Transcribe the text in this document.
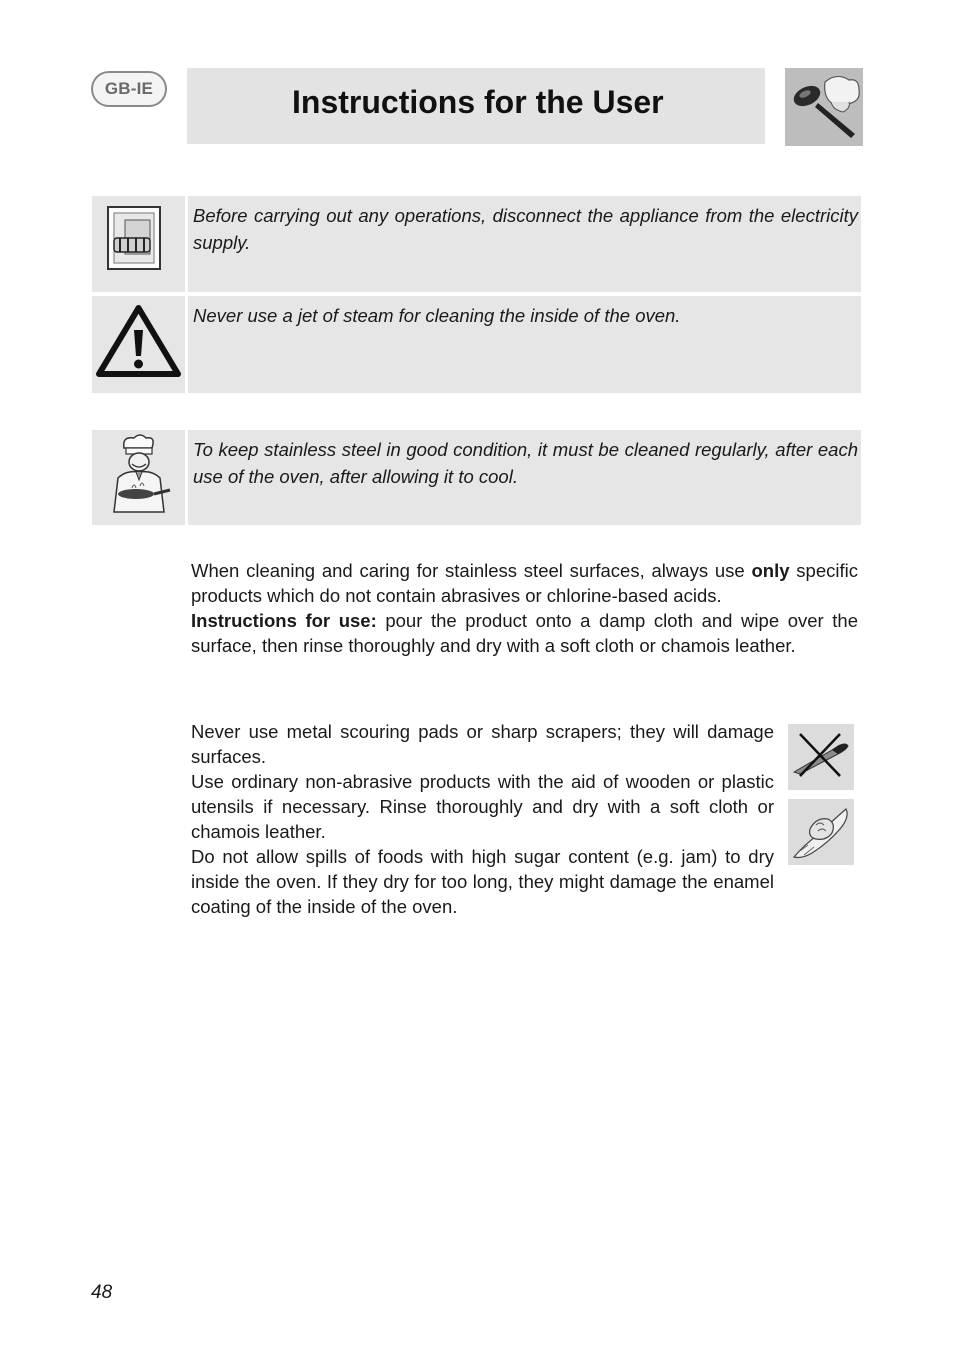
GB-IE	Instructions for the User
Before carrying out any operations, disconnect the appliance from the electricity supply.
Never use a jet of steam for cleaning the inside of the oven.
To keep stainless steel in good condition, it must be cleaned regularly, after each use of the oven, after allowing it to cool.

When cleaning and caring for stainless steel surfaces, always use only specific products which do not contain abrasives or chlorine-based acids.

Instructions for use: pour the product onto a damp cloth and wipe over the surface, then rinse thoroughly and dry with a soft cloth or chamois leather.

Never use metal scouring pads or sharp scrapers; they will damage surfaces.

Use ordinary non-abrasive products with the aid of wooden or plastic utensils if necessary. Rinse thoroughly and dry with a soft cloth or chamois leather.

Do not allow spills of foods with high sugar content (e.g. jam) to dry inside the oven. If they dry for too long, they might damage the enamel coating of the inside of the oven.

48
